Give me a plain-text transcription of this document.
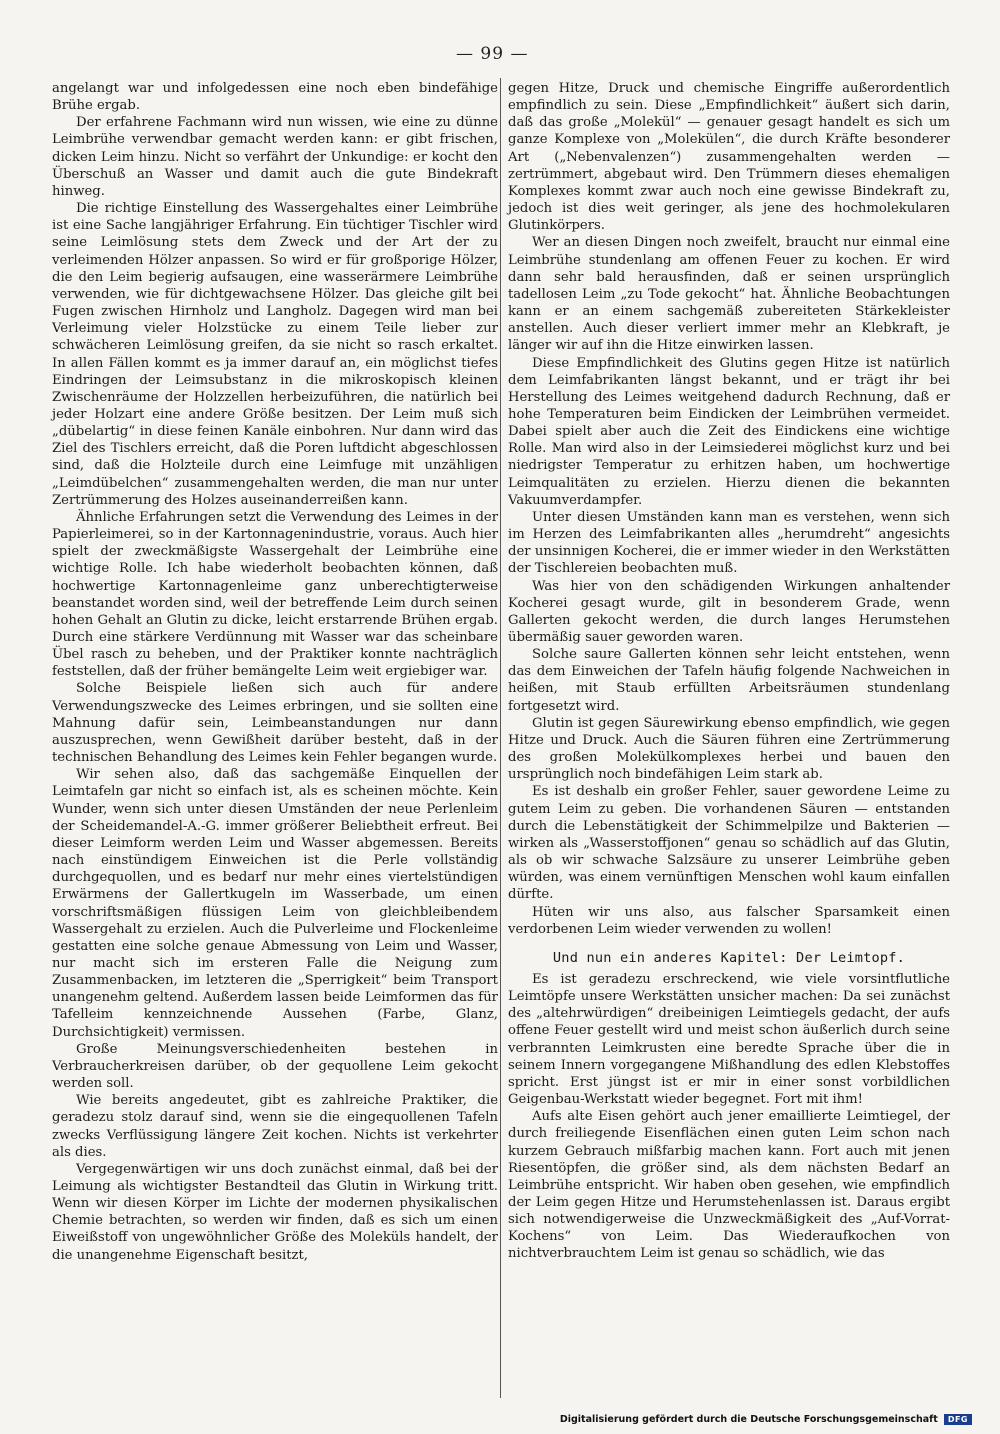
— 99 —

angelangt war und infolgedessen eine noch eben bindefähige Brühe ergab.

Der erfahrene Fachmann wird nun wissen, wie eine zu dünne Leimbrühe verwendbar gemacht werden kann: er gibt frischen, dicken Leim hinzu. Nicht so verfährt der Unkundige: er kocht den Überschuß an Wasser und damit auch die gute Bindekraft hinweg.

Die richtige Einstellung des Wassergehaltes einer Leimbrühe ist eine Sache langjähriger Erfahrung. Ein tüchtiger Tischler wird seine Leimlösung stets dem Zweck und der Art der zu verleimenden Hölzer anpassen. So wird er für großporige Hölzer, die den Leim begierig aufsaugen, eine wasserärmere Leimbrühe verwenden, wie für dichtgewachsene Hölzer. Das gleiche gilt bei Fugen zwischen Hirnholz und Langholz. Dagegen wird man bei Verleimung vieler Holzstücke zu einem Teile lieber zur schwächeren Leimlösung greifen, da sie nicht so rasch erkaltet. In allen Fällen kommt es ja immer darauf an, ein möglichst tiefes Eindringen der Leimsubstanz in die mikroskopisch kleinen Zwischenräume der Holzzellen herbeizuführen, die natürlich bei jeder Holzart eine andere Größe besitzen. Der Leim muß sich „dübelartig“ in diese feinen Kanäle einbohren. Nur dann wird das Ziel des Tischlers erreicht, daß die Poren luftdicht abgeschlossen sind, daß die Holzteile durch eine Leimfuge mit unzähligen „Leimdübelchen“ zusammengehalten werden, die man nur unter Zertrümmerung des Holzes auseinanderreißen kann.

Ähnliche Erfahrungen setzt die Verwendung des Leimes in der Papierleimerei, so in der Kartonnagenindustrie, voraus. Auch hier spielt der zweckmäßigste Wassergehalt der Leimbrühe eine wichtige Rolle. Ich habe wiederholt beobachten können, daß hochwertige Kartonnagenleime ganz unberechtigterweise beanstandet worden sind, weil der betreffende Leim durch seinen hohen Gehalt an Glutin zu dicke, leicht erstarrende Brühen ergab. Durch eine stärkere Verdünnung mit Wasser war das scheinbare Übel rasch zu beheben, und der Praktiker konnte nachträglich feststellen, daß der früher bemängelte Leim weit ergiebiger war.

Solche Beispiele ließen sich auch für andere Verwendungszwecke des Leimes erbringen, und sie sollten eine Mahnung dafür sein, Leimbeanstandungen nur dann auszusprechen, wenn Gewißheit darüber besteht, daß in der technischen Behandlung des Leimes kein Fehler begangen wurde.

Wir sehen also, daß das sachgemäße Einquellen der Leimtafeln gar nicht so einfach ist, als es scheinen möchte. Kein Wunder, wenn sich unter diesen Umständen der neue Perlenleim der Scheidemandel-A.-G. immer größerer Beliebtheit erfreut. Bei dieser Leimform werden Leim und Wasser abgemessen. Bereits nach einstündigem Einweichen ist die Perle vollständig durchgequollen, und es bedarf nur mehr eines viertelstündigen Erwärmens der Gallertkugeln im Wasserbade, um einen vorschriftsmäßigen flüssigen Leim von gleichbleibendem Wassergehalt zu erzielen. Auch die Pulverleime und Flockenleime gestatten eine solche genaue Abmessung von Leim und Wasser, nur macht sich im ersteren Falle die Neigung zum Zusammenbacken, im letzteren die „Sperrigkeit“ beim Transport unangenehm geltend. Außerdem lassen beide Leimformen das für Tafelleim kennzeichnende Aussehen (Farbe, Glanz, Durchsichtigkeit) vermissen.

Große Meinungsverschiedenheiten bestehen in Verbraucherkreisen darüber, ob der gequollene Leim gekocht werden soll.

Wie bereits angedeutet, gibt es zahlreiche Praktiker, die geradezu stolz darauf sind, wenn sie die eingequollenen Tafeln zwecks Verflüssigung längere Zeit kochen. Nichts ist verkehrter als dies.

Vergegenwärtigen wir uns doch zunächst einmal, daß bei der Leimung als wichtigster Bestandteil das Glutin in Wirkung tritt. Wenn wir diesen Körper im Lichte der modernen physikalischen Chemie betrachten, so werden wir finden, daß es sich um einen Eiweißstoff von ungewöhnlicher Größe des Moleküls handelt, der die unangenehme Eigenschaft besitzt,

gegen Hitze, Druck und chemische Eingriffe außerordentlich empfindlich zu sein. Diese „Empfindlichkeit“ äußert sich darin, daß das große „Molekül“ — genauer gesagt handelt es sich um ganze Komplexe von „Molekülen“, die durch Kräfte besonderer Art („Nebenvalenzen“) zusammengehalten werden — zertrümmert, abgebaut wird. Den Trümmern dieses ehemaligen Komplexes kommt zwar auch noch eine gewisse Bindekraft zu, jedoch ist dies weit geringer, als jene des hochmolekularen Glutinkörpers.

Wer an diesen Dingen noch zweifelt, braucht nur einmal eine Leimbrühe stundenlang am offenen Feuer zu kochen. Er wird dann sehr bald herausfinden, daß er seinen ursprünglich tadellosen Leim „zu Tode gekocht“ hat. Ähnliche Beobachtungen kann er an einem sachgemäß zubereiteten Stärkekleister anstellen. Auch dieser verliert immer mehr an Klebkraft, je länger wir auf ihn die Hitze einwirken lassen.

Diese Empfindlichkeit des Glutins gegen Hitze ist natürlich dem Leimfabrikanten längst bekannt, und er trägt ihr bei Herstellung des Leimes weitgehend dadurch Rechnung, daß er hohe Temperaturen beim Eindicken der Leimbrühen vermeidet. Dabei spielt aber auch die Zeit des Eindickens eine wichtige Rolle. Man wird also in der Leimsiederei möglichst kurz und bei niedrigster Temperatur zu erhitzen haben, um hochwertige Leimqualitäten zu erzielen. Hierzu dienen die bekannten Vakuumverdampfer.

Unter diesen Umständen kann man es verstehen, wenn sich im Herzen des Leimfabrikanten alles „herumdreht“ angesichts der unsinnigen Kocherei, die er immer wieder in den Werkstätten der Tischlereien beobachten muß.

Was hier von den schädigenden Wirkungen anhaltender Kocherei gesagt wurde, gilt in besonderem Grade, wenn Gallerten gekocht werden, die durch langes Herumstehen übermäßig sauer geworden waren.

Solche saure Gallerten können sehr leicht entstehen, wenn das dem Einweichen der Tafeln häufig folgende Nachweichen in heißen, mit Staub erfüllten Arbeitsräumen stundenlang fortgesetzt wird.

Glutin ist gegen Säurewirkung ebenso empfindlich, wie gegen Hitze und Druck. Auch die Säuren führen eine Zertrümmerung des großen Molekülkomplexes herbei und bauen den ursprünglich noch bindefähigen Leim stark ab.

Es ist deshalb ein großer Fehler, sauer gewordene Leime zu gutem Leim zu geben. Die vorhandenen Säuren — entstanden durch die Lebenstätigkeit der Schimmelpilze und Bakterien — wirken als „Wasserstoffjonen“ genau so schädlich auf das Glutin, als ob wir schwache Salzsäure zu unserer Leimbrühe geben würden, was einem vernünftigen Menschen wohl kaum einfallen dürfte.

Hüten wir uns also, aus falscher Sparsamkeit einen verdorbenen Leim wieder verwenden zu wollen!

Und nun ein anderes Kapitel: Der Leimtopf.

Es ist geradezu erschreckend, wie viele vorsintflutliche Leimtöpfe unsere Werkstätten unsicher machen: Da sei zunächst des „altehrwürdigen“ dreibeinigen Leimtiegels gedacht, der aufs offene Feuer gestellt wird und meist schon äußerlich durch seine verbrannten Leimkrusten eine beredte Sprache über die in seinem Innern vorgegangene Mißhandlung des edlen Klebstoffes spricht. Erst jüngst ist er mir in einer sonst vorbildlichen Geigenbau-Werkstatt wieder begegnet. Fort mit ihm!

Aufs alte Eisen gehört auch jener emaillierte Leimtiegel, der durch freiliegende Eisenflächen einen guten Leim schon nach kurzem Gebrauch mißfarbig machen kann. Fort auch mit jenen Riesentöpfen, die größer sind, als dem nächsten Bedarf an Leimbrühe entspricht. Wir haben oben gesehen, wie empfindlich der Leim gegen Hitze und Herumstehenlassen ist. Daraus ergibt sich notwendigerweise die Unzweckmäßigkeit des „Auf-Vorrat-Kochens“ von Leim. Das Wiederaufkochen von nichtverbrauchtem Leim ist genau so schädlich, wie das

Digitalisierung gefördert durch die Deutsche Forschungsgemeinschaft	DFG
